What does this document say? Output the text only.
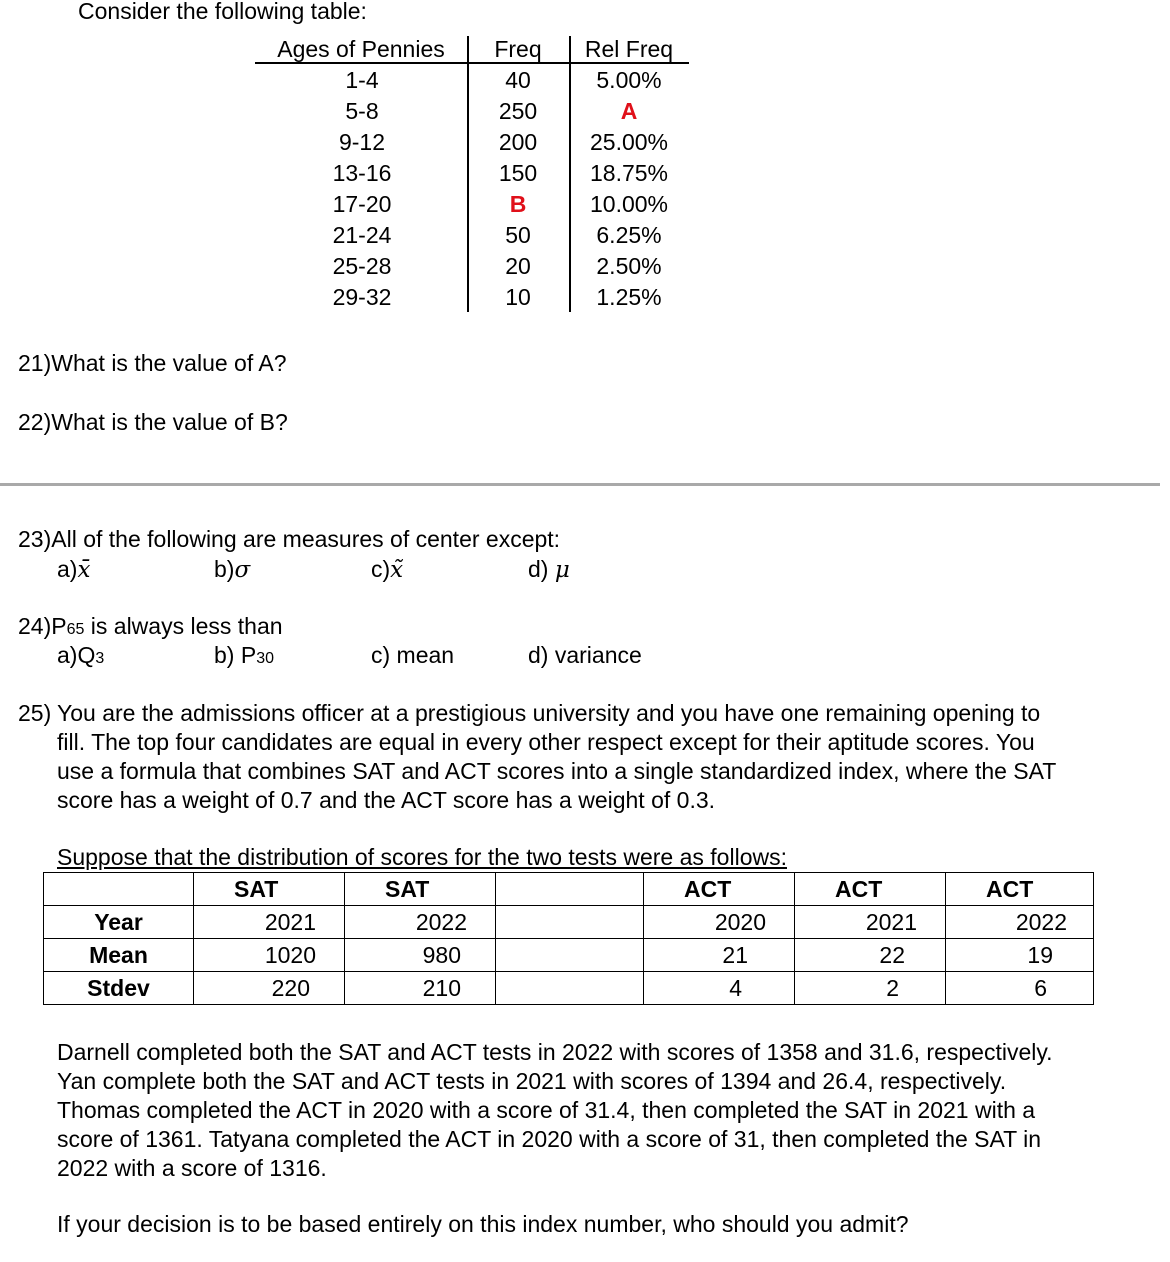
Consider the following table:
Ages of Pennies	Freq	Rel Freq
1-4	40	5.00%
5-8	250	A
9-12	200	25.00%
13-16	150	18.75%
17-20	B	10.00%
21-24	50	6.25%
25-28	20	2.50%
29-32	10	1.25%
21)What is the value of A?
22)What is the value of B?
23)All of the following are measures of center except:
a)x̄	b)σ	c)x̃	d) μ
24)P65 is always less than
a)Q3	b) P30	c) mean	d) variance
25) You are the admissions officer at a prestigious university and you have one remaining opening to
fill. The top four candidates are equal in every other respect except for their aptitude scores. You
use a formula that combines SAT and ACT scores into a single standardized index, where the SAT
score has a weight of 0.7 and the ACT score has a weight of 0.3.
Suppose that the distribution of scores for the two tests were as follows:
	SAT	SAT		ACT	ACT	ACT
Year	2021	2022		2020	2021	2022
Mean	1020	980		21	22	19
Stdev	220	210		4	2	6
Darnell completed both the SAT and ACT tests in 2022 with scores of 1358 and 31.6, respectively.
Yan complete both the SAT and ACT tests in 2021 with scores of 1394 and 26.4, respectively.
Thomas completed the ACT in 2020 with a score of 31.4, then completed the SAT in 2021 with a
score of 1361. Tatyana completed the ACT in 2020 with a score of 31, then completed the SAT in
2022 with a score of 1316.
If your decision is to be based entirely on this index number, who should you admit?
